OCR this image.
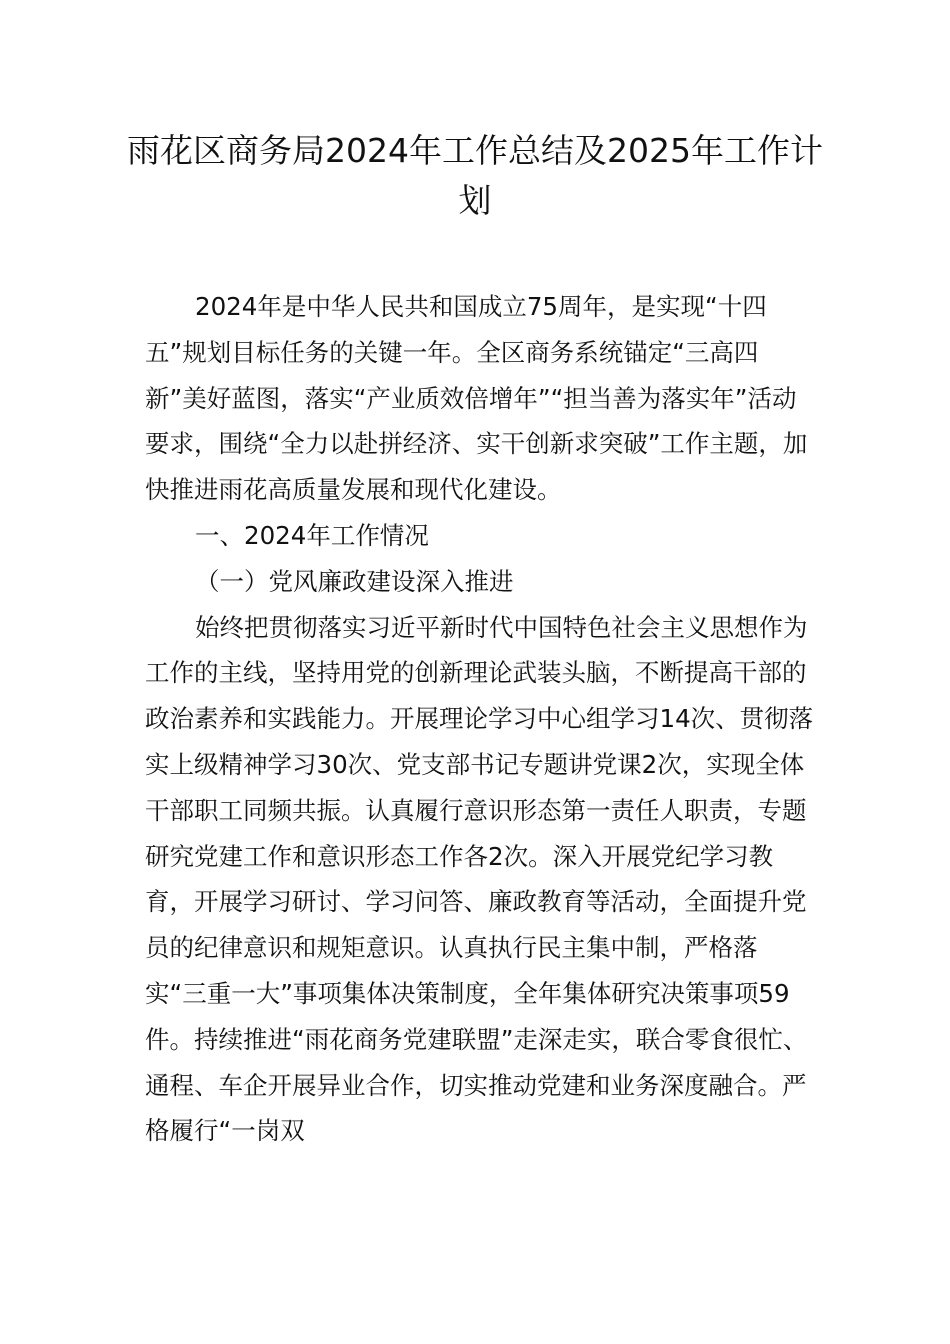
雨花区商务局2024年工作总结及2025年工作计划

2024年是中华人民共和国成立75周年，是实现“十四五”规划目标任务的关键一年。全区商务系统锚定“三高四新”美好蓝图，落实“产业质效倍增年”“担当善为落实年”活动要求，围绕“全力以赴拼经济、实干创新求突破”工作主题，加快推进雨花高质量发展和现代化建设。

一、2024年工作情况

（一）党风廉政建设深入推进

始终把贯彻落实习近平新时代中国特色社会主义思想作为工作的主线，坚持用党的创新理论武装头脑，不断提高干部的政治素养和实践能力。开展理论学习中心组学习14次、贯彻落实上级精神学习30次、党支部书记专题讲党课2次，实现全体干部职工同频共振。认真履行意识形态第一责任人职责，专题研究党建工作和意识形态工作各2次。深入开展党纪学习教育，开展学习研讨、学习问答、廉政教育等活动，全面提升党员的纪律意识和规矩意识。认真执行民主集中制，严格落实“三重一大”事项集体决策制度，全年集体研究决策事项59件。持续推进“雨花商务党建联盟”走深走实，联合零食很忙、通程、车企开展异业合作，切实推动党建和业务深度融合。严格履行“一岗双
